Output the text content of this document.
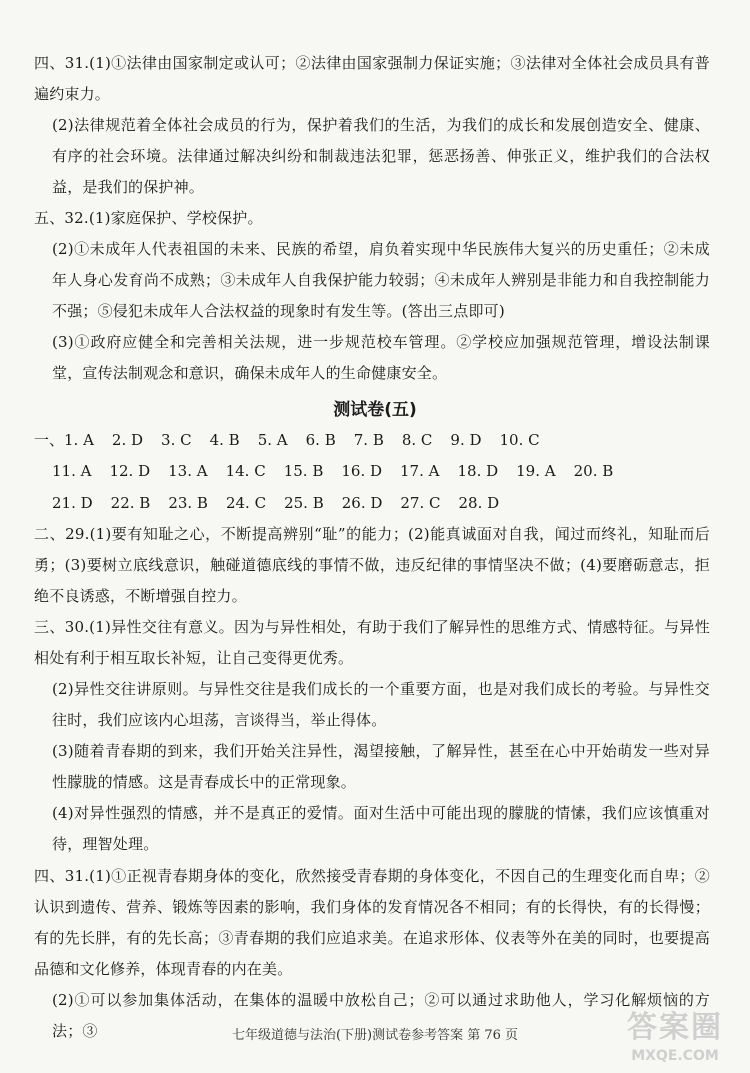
四、31.(1)①法律由国家制定或认可；②法律由国家强制力保证实施；③法律对全体社会成员具有普遍约束力。

(2)法律规范着全体社会成员的行为，保护着我们的生活，为我们的成长和发展创造安全、健康、有序的社会环境。法律通过解决纠纷和制裁违法犯罪，惩恶扬善、伸张正义，维护我们的合法权益，是我们的保护神。

五、32.(1)家庭保护、学校保护。

(2)①未成年人代表祖国的未来、民族的希望，肩负着实现中华民族伟大复兴的历史重任；②未成年人身心发育尚不成熟；③未成年人自我保护能力较弱；④未成年人辨别是非能力和自我控制能力不强；⑤侵犯未成年人合法权益的现象时有发生等。(答出三点即可)

(3)①政府应健全和完善相关法规，进一步规范校车管理。②学校应加强规范管理，增设法制课堂，宣传法制观念和意识，确保未成年人的生命健康安全。

测试卷(五)
一、1. A 2. D 3. C 4. B 5. A 6. B 7. B 8. C 9. D 10. C
11. A 12. D 13. A 14. C 15. B 16. D 17. A 18. D 19. A 20. B
21. D 22. B 23. B 24. C 25. B 26. D 27. C 28. D

二、29.(1)要有知耻之心，不断提高辨别“耻”的能力；(2)能真诚面对自我，闻过而终礼，知耻而后勇；(3)要树立底线意识，触碰道德底线的事情不做，违反纪律的事情坚决不做；(4)要磨砺意志，拒绝不良诱惑，不断增强自控力。

三、30.(1)异性交往有意义。因为与异性相处，有助于我们了解异性的思维方式、情感特征。与异性相处有利于相互取长补短，让自己变得更优秀。

(2)异性交往讲原则。与异性交往是我们成长的一个重要方面，也是对我们成长的考验。与异性交往时，我们应该内心坦荡，言谈得当，举止得体。

(3)随着青春期的到来，我们开始关注异性，渴望接触，了解异性，甚至在心中开始萌发一些对异性朦胧的情感。这是青春成长中的正常现象。

(4)对异性强烈的情感，并不是真正的爱情。面对生活中可能出现的朦胧的情愫，我们应该慎重对待，理智处理。

四、31.(1)①正视青春期身体的变化，欣然接受青春期的身体变化，不因自己的生理变化而自卑；②认识到遗传、营养、锻炼等因素的影响，我们身体的发育情况各不相同；有的长得快，有的长得慢；有的先长胖，有的先长高；③青春期的我们应追求美。在追求形体、仪表等外在美的同时，也要提高品德和文化修养，体现青春的内在美。

(2)①可以参加集体活动，在集体的温暖中放松自己；②可以通过求助他人，学习化解烦恼的方法；③	七年级道德与法治(下册)测试卷参考答案 第 76 页	答案圈
MXQE.COM
